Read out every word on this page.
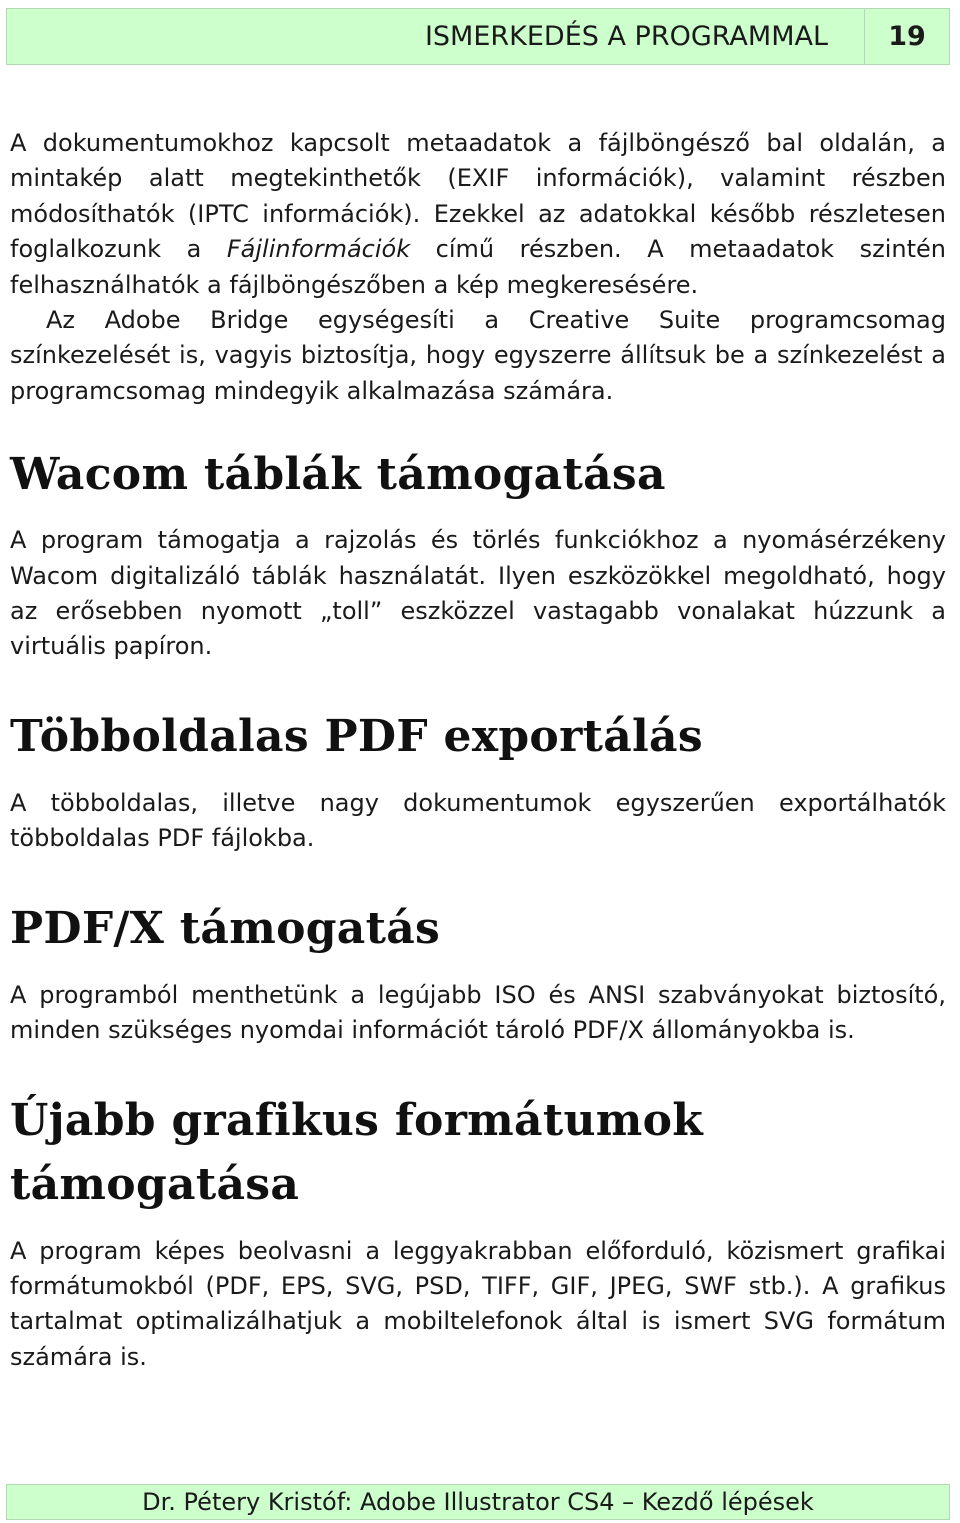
ISMERKEDÉS A PROGRAMMAL	19

A dokumentumokhoz kapcsolt metaadatok a fájlböngésző bal oldalán, a mintakép alatt megtekinthetők (EXIF információk), valamint részben módosíthatók (IPTC információk). Ezekkel az adatokkal később részletesen foglalkozunk a Fájlinformációk című részben. A metaadatok szintén felhasználhatók a fájlböngészőben a kép megkeresésére.

Az Adobe Bridge egységesíti a Creative Suite programcsomag színkezelését is, vagyis biztosítja, hogy egyszerre állítsuk be a színkezelést a programcsomag mindegyik alkalmazása számára.

Wacom táblák támogatása

A program támogatja a rajzolás és törlés funkciókhoz a nyomásérzékeny Wacom digitalizáló táblák használatát. Ilyen eszközökkel megoldható, hogy az erősebben nyomott „toll” eszközzel vastagabb vonalakat húzzunk a virtuális papíron.

Többoldalas PDF exportálás

A többoldalas, illetve nagy dokumentumok egyszerűen exportálhatók többoldalas PDF fájlokba.

PDF/X támogatás

A programból menthetünk a legújabb ISO és ANSI szabványokat biztosító, minden szükséges nyomdai információt tároló PDF/X állományokba is.

Újabb grafikus formátumok támogatása

A program képes beolvasni a leggyakrabban előforduló, közismert grafikai formátumokból (PDF, EPS, SVG, PSD, TIFF, GIF, JPEG, SWF stb.). A grafikus tartalmat optimalizálhatjuk a mobiltelefonok által is ismert SVG formátum számára is.

Dr. Pétery Kristóf: Adobe Illustrator CS4 – Kezdő lépések
